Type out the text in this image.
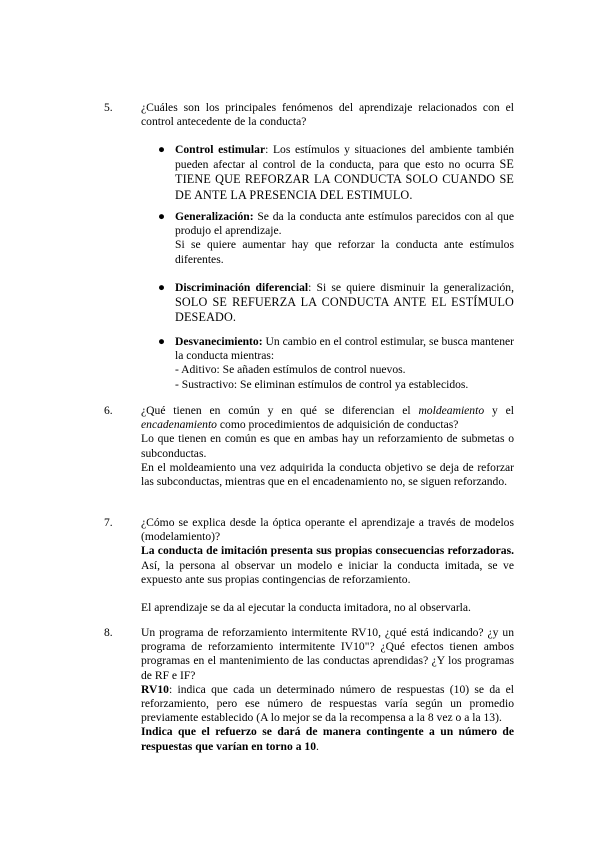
5.	¿Cuáles son los principales fenómenos del aprendizaje relacionados con el control antecedente de la conducta?

● Control estimular: Los estímulos y situaciones del ambiente también pueden afectar al control de la conducta, para que esto no ocurra SE TIENE QUE REFORZAR LA CONDUCTA SOLO CUANDO SE DE ANTE LA PRESENCIA DEL ESTIMULO.

● Generalización: Se da la conducta ante estímulos parecidos con al que produjo el aprendizaje.

Si se quiere aumentar hay que reforzar la conducta ante estímulos diferentes.

● Discriminación diferencial: Si se quiere disminuir la generalización, SOLO SE REFUERZA LA CONDUCTA ANTE EL ESTÍMULO DESEADO.

● Desvanecimiento: Un cambio en el control estimular, se busca mantener la conducta mientras:

- Aditivo: Se añaden estímulos de control nuevos.

- Sustractivo: Se eliminan estímulos de control ya establecidos.

6.	¿Qué tienen en común y en qué se diferencian el moldeamiento y el encadenamiento como procedimientos de adquisición de conductas?

Lo que tienen en común es que en ambas hay un reforzamiento de submetas o subconductas.

En el moldeamiento una vez adquirida la conducta objetivo se deja de reforzar las subconductas, mientras que en el encadenamiento no, se siguen reforzando.

7.	¿Cómo se explica desde la óptica operante el aprendizaje a través de modelos (modelamiento)?

La conducta de imitación presenta sus propias consecuencias reforzadoras. Así, la persona al observar un modelo e iniciar la conducta imitada, se ve expuesto ante sus propias contingencias de reforzamiento.

El aprendizaje se da al ejecutar la conducta imitadora, no al observarla.

8.	Un programa de reforzamiento intermitente RV10, ¿qué está indicando? ¿y un programa de reforzamiento intermitente IV10"? ¿Qué efectos tienen ambos programas en el mantenimiento de las conductas aprendidas? ¿Y los programas de RF e IF?

RV10: indica que cada un determinado número de respuestas (10) se da el reforzamiento, pero ese número de respuestas varía según un promedio previamente establecido (A lo mejor se da la recompensa a la 8 vez o a la 13).

Indica que el refuerzo se dará de manera contingente a un número de respuestas que varían en torno a 10.
